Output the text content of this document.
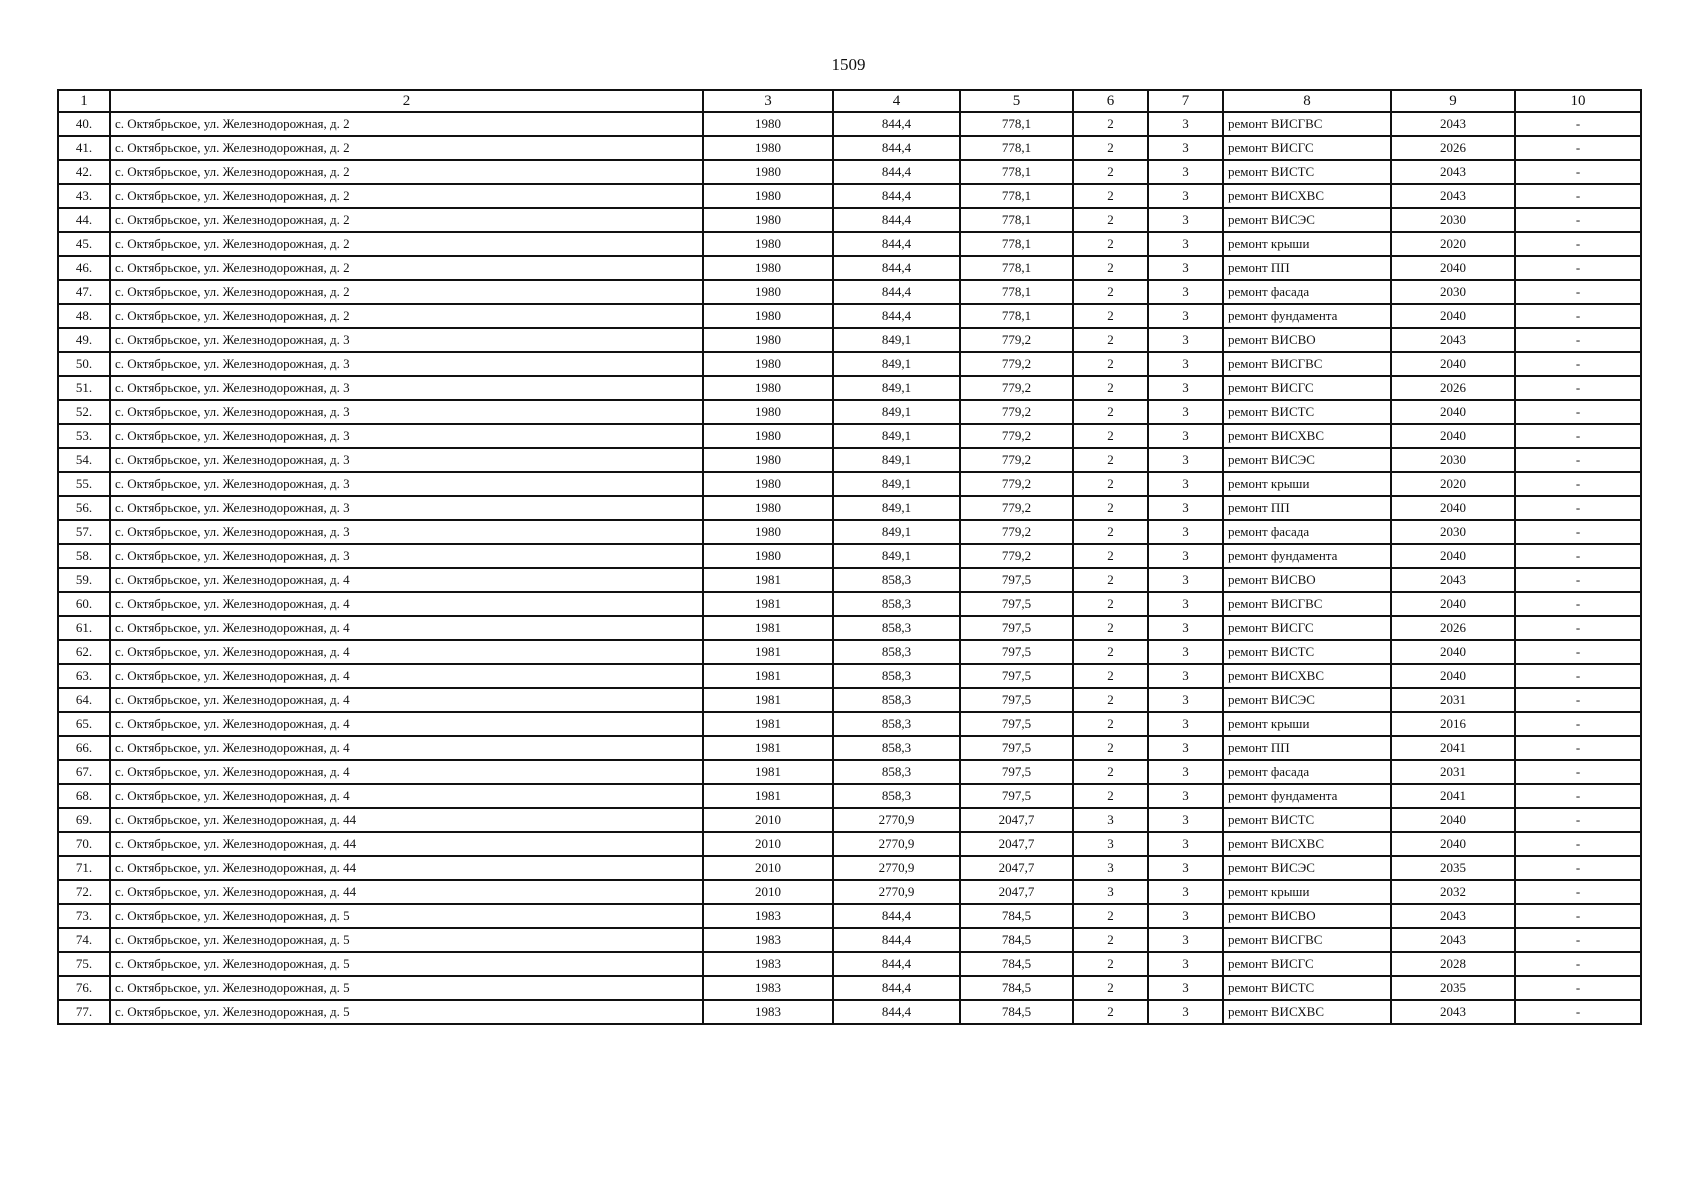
1509
1	2	3	4	5	6	7	8	9	10
40.	с. Октябрьское, ул. Железнодорожная, д. 2	1980	844,4	778,1	2	3	ремонт ВИСГВС	2043	-
41.	с. Октябрьское, ул. Железнодорожная, д. 2	1980	844,4	778,1	2	3	ремонт ВИСГС	2026	-
42.	с. Октябрьское, ул. Железнодорожная, д. 2	1980	844,4	778,1	2	3	ремонт ВИСТС	2043	-
43.	с. Октябрьское, ул. Железнодорожная, д. 2	1980	844,4	778,1	2	3	ремонт ВИСХВС	2043	-
44.	с. Октябрьское, ул. Железнодорожная, д. 2	1980	844,4	778,1	2	3	ремонт ВИСЭС	2030	-
45.	с. Октябрьское, ул. Железнодорожная, д. 2	1980	844,4	778,1	2	3	ремонт крыши	2020	-
46.	с. Октябрьское, ул. Железнодорожная, д. 2	1980	844,4	778,1	2	3	ремонт ПП	2040	-
47.	с. Октябрьское, ул. Железнодорожная, д. 2	1980	844,4	778,1	2	3	ремонт фасада	2030	-
48.	с. Октябрьское, ул. Железнодорожная, д. 2	1980	844,4	778,1	2	3	ремонт фундамента	2040	-
49.	с. Октябрьское, ул. Железнодорожная, д. 3	1980	849,1	779,2	2	3	ремонт ВИСВО	2043	-
50.	с. Октябрьское, ул. Железнодорожная, д. 3	1980	849,1	779,2	2	3	ремонт ВИСГВС	2040	-
51.	с. Октябрьское, ул. Железнодорожная, д. 3	1980	849,1	779,2	2	3	ремонт ВИСГС	2026	-
52.	с. Октябрьское, ул. Железнодорожная, д. 3	1980	849,1	779,2	2	3	ремонт ВИСТС	2040	-
53.	с. Октябрьское, ул. Железнодорожная, д. 3	1980	849,1	779,2	2	3	ремонт ВИСХВС	2040	-
54.	с. Октябрьское, ул. Железнодорожная, д. 3	1980	849,1	779,2	2	3	ремонт ВИСЭС	2030	-
55.	с. Октябрьское, ул. Железнодорожная, д. 3	1980	849,1	779,2	2	3	ремонт крыши	2020	-
56.	с. Октябрьское, ул. Железнодорожная, д. 3	1980	849,1	779,2	2	3	ремонт ПП	2040	-
57.	с. Октябрьское, ул. Железнодорожная, д. 3	1980	849,1	779,2	2	3	ремонт фасада	2030	-
58.	с. Октябрьское, ул. Железнодорожная, д. 3	1980	849,1	779,2	2	3	ремонт фундамента	2040	-
59.	с. Октябрьское, ул. Железнодорожная, д. 4	1981	858,3	797,5	2	3	ремонт ВИСВО	2043	-
60.	с. Октябрьское, ул. Железнодорожная, д. 4	1981	858,3	797,5	2	3	ремонт ВИСГВС	2040	-
61.	с. Октябрьское, ул. Железнодорожная, д. 4	1981	858,3	797,5	2	3	ремонт ВИСГС	2026	-
62.	с. Октябрьское, ул. Железнодорожная, д. 4	1981	858,3	797,5	2	3	ремонт ВИСТС	2040	-
63.	с. Октябрьское, ул. Железнодорожная, д. 4	1981	858,3	797,5	2	3	ремонт ВИСХВС	2040	-
64.	с. Октябрьское, ул. Железнодорожная, д. 4	1981	858,3	797,5	2	3	ремонт ВИСЭС	2031	-
65.	с. Октябрьское, ул. Железнодорожная, д. 4	1981	858,3	797,5	2	3	ремонт крыши	2016	-
66.	с. Октябрьское, ул. Железнодорожная, д. 4	1981	858,3	797,5	2	3	ремонт ПП	2041	-
67.	с. Октябрьское, ул. Железнодорожная, д. 4	1981	858,3	797,5	2	3	ремонт фасада	2031	-
68.	с. Октябрьское, ул. Железнодорожная, д. 4	1981	858,3	797,5	2	3	ремонт фундамента	2041	-
69.	с. Октябрьское, ул. Железнодорожная, д. 44	2010	2770,9	2047,7	3	3	ремонт ВИСТС	2040	-
70.	с. Октябрьское, ул. Железнодорожная, д. 44	2010	2770,9	2047,7	3	3	ремонт ВИСХВС	2040	-
71.	с. Октябрьское, ул. Железнодорожная, д. 44	2010	2770,9	2047,7	3	3	ремонт ВИСЭС	2035	-
72.	с. Октябрьское, ул. Железнодорожная, д. 44	2010	2770,9	2047,7	3	3	ремонт крыши	2032	-
73.	с. Октябрьское, ул. Железнодорожная, д. 5	1983	844,4	784,5	2	3	ремонт ВИСВО	2043	-
74.	с. Октябрьское, ул. Железнодорожная, д. 5	1983	844,4	784,5	2	3	ремонт ВИСГВС	2043	-
75.	с. Октябрьское, ул. Железнодорожная, д. 5	1983	844,4	784,5	2	3	ремонт ВИСГС	2028	-
76.	с. Октябрьское, ул. Железнодорожная, д. 5	1983	844,4	784,5	2	3	ремонт ВИСТС	2035	-
77.	с. Октябрьское, ул. Железнодорожная, д. 5	1983	844,4	784,5	2	3	ремонт ВИСХВС	2043	-
